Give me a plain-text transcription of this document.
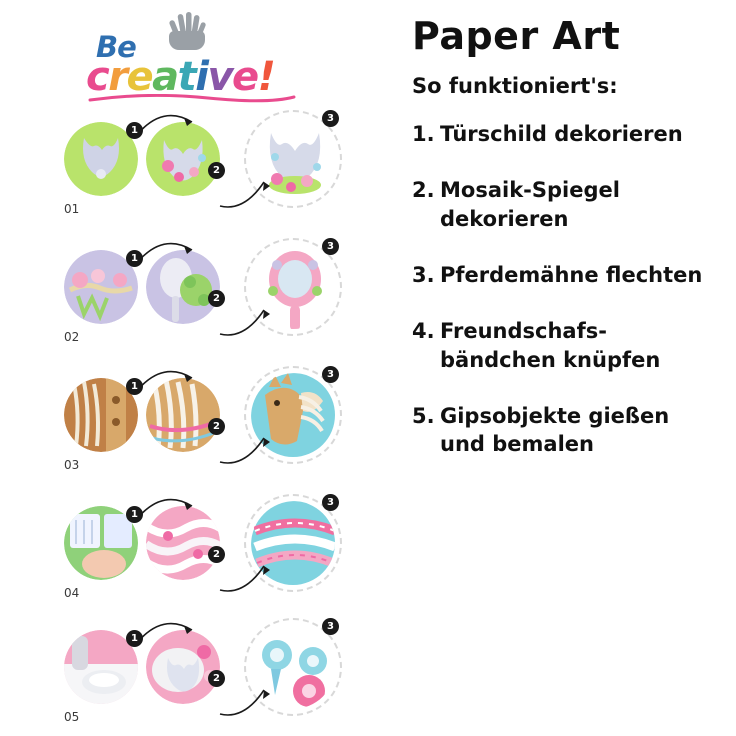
Be
creative!
1
2
3
01
1
2
3
02
1
2
3
03
1
2
3
04
1
2
3
05
Paper Art
So funktioniert's:
1. Türschild dekorieren
2. Mosaik-Spiegel dekorieren
3. Pferdemähne flechten
4. Freundschafs-bändchen knüpfen
5. Gipsobjekte gießen und bemalen
